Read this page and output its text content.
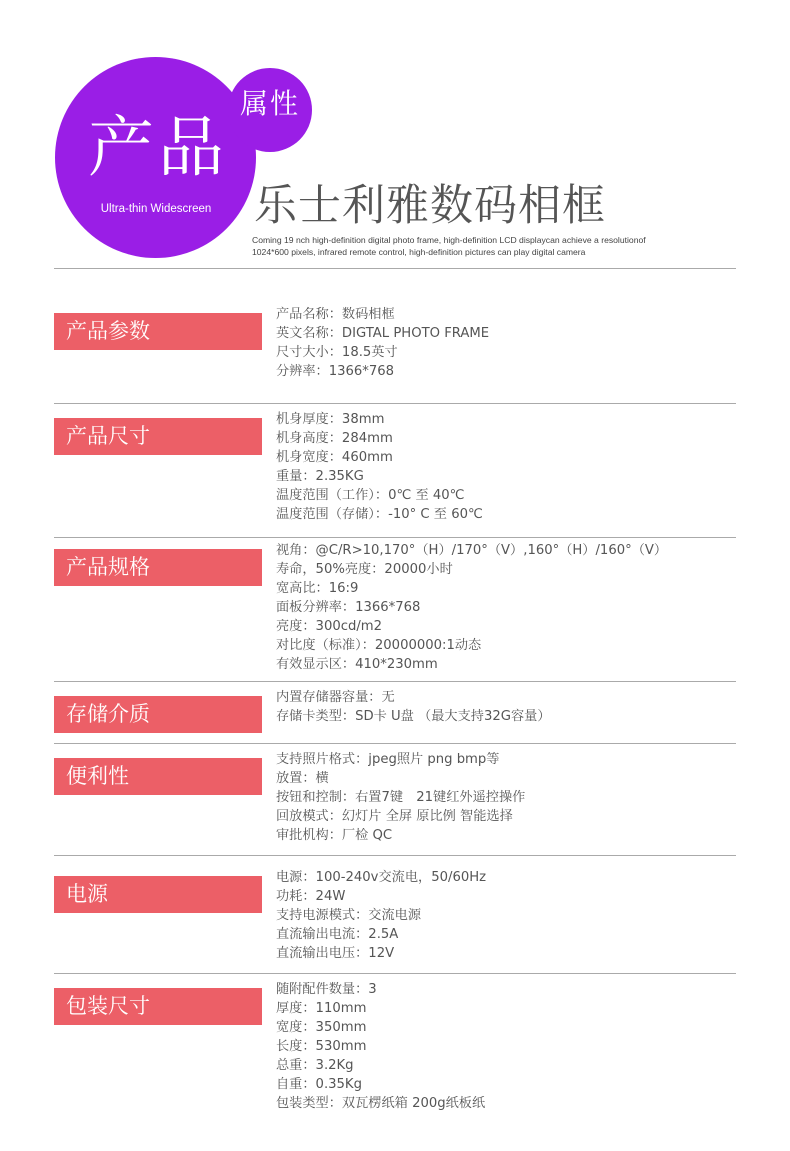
产品
属性
Ultra-thin Widescreen 乐士利雅数码相框
Coming 19 nch high-definition digital photo frame, high-definition LCD displaycan achieve a resolutionof
1024*600 pixels, infrared remote control, high-definition pictures can play digital camera
产品参数
产品名称：数码相框
英文名称：DIGTAL PHOTO FRAME
尺寸大小：18.5英寸
分辨率：1366*768
产品尺寸
机身厚度：38mm
机身高度：284mm
机身宽度：460mm
重量：2.35KG
温度范围（工作）：0℃ 至 40℃
温度范围（存储）：-10° C 至 60℃
产品规格
视角：@C/R>10,170°（H）/170°（V）,160°（H）/160°（V）
寿命，50%亮度：20000小时
宽高比：16:9
面板分辨率：1366*768
亮度：300cd/m2
对比度（标准）：20000000:1动态
有效显示区：410*230mm
存储介质
内置存储器容量：无
存储卡类型：SD卡 U盘 （最大支持32G容量）
便利性
支持照片格式：jpeg照片 png bmp等
放置：横
按钮和控制：右置7键　21键红外遥控操作
回放模式：幻灯片 全屏 原比例 智能选择
审批机构：厂检 QC
电源
电源：100-240v交流电，50/60Hz
功耗：24W
支持电源模式：交流电源
直流输出电流：2.5A
直流输出电压：12V
包装尺寸
随附配件数量：3
厚度：110mm
宽度：350mm
长度：530mm
总重：3.2Kg
自重：0.35Kg
包装类型：双瓦楞纸箱 200g纸板纸
